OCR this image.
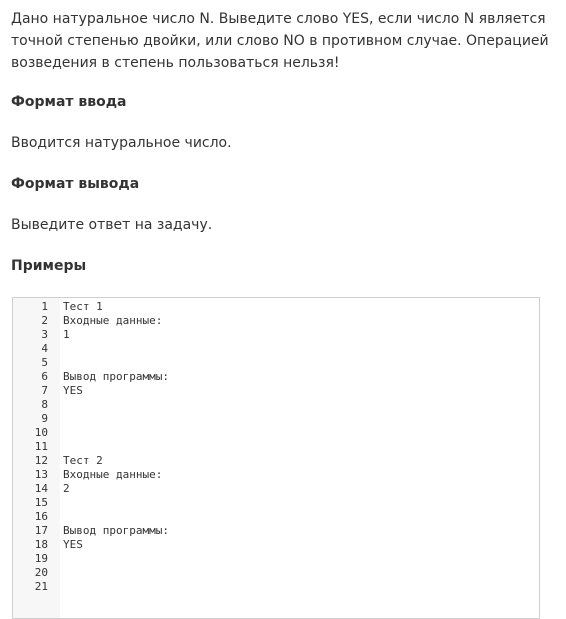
Дано натуральное число N. Выведите слово YES, если число N является точной степенью двойки, или слово NO в противном случае. Операцией возведения в степень пользоваться нельзя!

Формат ввода

Вводится натуральное число.

Формат вывода

Выведите ответ на задачу.

Примеры
1	Тест 1
2	Входные данные:
3	1
4
5
6	Вывод программы:
7	YES
8
9
10
11
12	Тест 2
13	Входные данные:
14	2
15
16
17	Вывод программы:
18	YES
19
20
21
